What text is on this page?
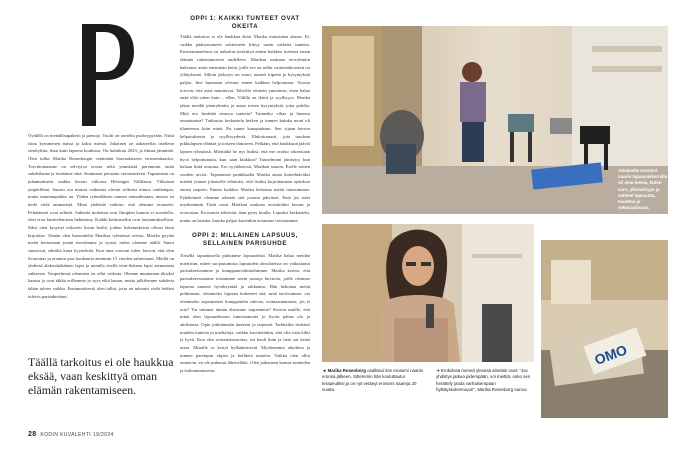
ÖydälIä on menällisupakerti ja pienoja. Tuolit on aseteltu puolirypyrään. Nitsä istuu kymmenen naista ja kaksi miestä. Jokainen on aakarreffat itsellenn sienkyltiin, ihan kuin lapsena koulussa. On huhtikuu 2023, ja iltmaa jännittää. Olen tullut Marika Rosenborgin vetämään Saornalaiseen erossemitaariin. Torvittomaanne on selviytyä erosta sekä ymmärtää paremmin omiä suhdetlanne ja itseäänne siitä. Seminaari perustuu vertaistukeen. Tapaamisia on juhannukseen saakka kerran viikossa Helsingin Vallilassa. Vilkaisen ympärilleni. Suurin osa muista vaikuttaa olevan selkeäsi minua vanhempia, mutta muutempiakin on. Yhden ryhmäläisen tunnen entuudestaan, muista en tiedä vielä ammattejä. Minä yhdistää vaiköse, että olemme eronneet. Pelnäännöi ovat selkeät. Suhteita molemat ovat Ilmiplen kunnia ei suositella, ettei eron käsittelemisen hähtimmy. Kaikki keskustellut ovat luottamuksellisia. Siksi olen kysynyt erikseen luvan heiltä, joiden kokemuksista olivan tässä kirjoittaa. Tämän olen haastattelut Marikaa ryhmässä ovesta. Marika pyytää meitä kertomaan jotain itsestämme ja syistä, miksi olemme täällä. Sanot suurtuvat, silmiltä kuua kyyneleitä. Kun oma vuoroni tulee, kerron, että olen ilvuuotias ja eronnut pari kuukautta aiemmin 15 vuoden suhteestani. Meillä on yhdessä alakouluikäinen lapsi ja minulla itsellä teini-ikäinen lapsi aiemmasta suhteesta. Tunperhessä olemmen on ollut vaikeaa. Ohenne muutaman tiksiksi kanssa ja ovat täkka erillemme jo syys eikä kauan, mutta julkilennne suhdetta tähän talven vaikka. Ensimmäisestä olen tullut, jotta en tuhoaisi vielä heltäni tulevia parisuhteitani.

Täällä tarkoitus ei ole haukkua eksää, vaan keskittyä oman elämän rakentamiseen.
28 KODIN KUVALEHTI 19/2024
OPPI 1: KAIKKI TUNTEET OVAT OKEITA

Täällä tarkoitus ei ole haukkua ekää. Marika muistuttaa alussa. Et, vaikka päättymoneen suhteeseen liittyy usein vaikeita tunteita. Ensisemmaelmsa on tarkoitus keskittyä ennen kaikkea itseensä oman elämän rakentamiseen uudelleen. Marikan mukaan erovyhmiin hakeutua usein enemmän heitä, joille ero on tullut vastentahtoisesti tai yllätyksenä. Silloin järkytys on suuri, tunteet kipeitä ja kysymyksiä paljon. Ime huomaan olevani ennen kaikkea helpottunut. Vuosia toivoin, että asiat muuttuvat. Tahvilla viimein ymmärrin, etten halua enää elää sitten kuin – ellen. Välillä on ikävä ja syyllisyys. Marika jakaa meidät pienryhmiin ja antaa toisen kysymyksiä, joita pohdia. Mitä ero herättää sinussa tunteita? Tunnetko vihaa ja huonoa omaatuntoa? Tarkastaa keskustelu hetken ja tunnen kuinka moni oli tilanteessa kuin minä. En tunne kumpaakaan. Sen sijaan kerron helpotuksesta ja syyllisyydestä. Ehdottomasti, jota tuodaan pikkulapsen elämää ja toiseen ihmiseen. Pelkään, että haukkuun jäävät lapsen ryhmässä. Mietitäkö he nyt lisäksi, että me ovatko oikeastaan hyvä helpottunutta, kun saan kiukkua? Tunnelmani jämistyy, kun haluan lisää avautua. Ero syytöksessä, Marikan sanoin. Erolle toinen vuoden arvioi. Tapaamiset painkkaalla Marika antaa kotitehtäväksi mietää ytimen jokaiselle tehtäväsi, että lisäksi kirjoittamaan ajatuksia ennen tarpeen. Ennen kaikkea Marika kehottaa meitä tutustumaan. Pykäköneet olemme tehneet sitä jossain päivässä. Entä jos tulet myöhemmin Tästä nosti Marikan mukaan erorittoihin kerran ja erotoistua. En muista tehtävää, ääni pysty kuulla. Lopuksi keskustelu, mutta on hauska, kuinka paljon kuitenkin eroamme toisistamme.

OPPI 2: MILLAINEN LAPSUUS, SELLAINEN PARISUHDE

Toisella tapaamisella puhumme lapsuudesta. Marika halua meidän miettivän, miten suojautumista lapsuuden olosuhteista on vaikuttanut parisuhteissamme ja kumppanivalintoihimme. Marika kertoo, että parisuhteessamme toistamme usein samoja kuvioita, joille olemme lapsena saaneet hyväksyntää ja rakkautta. Hän kehottaa meitä pohtimaan, olemmeko lapsena kokeneet sitä, mitä tarvitsimme, vai olemmeko sopeutuneet kumppanilta vahvaa, voimaannuttavia, jos ei oiio? Tai saimme tämän ehtomme tarpeemme? Kerron muille, että minä olen lapsuudessani tunnistamutta jo hyvin pahaa olo ja ahdistusta. Opin pitkitämään tunteeni ja tarpeeni. Tarkkailin herkästi muiden tunteita ja mielialoja, vaikka kuvittelinkin, että olin vain kiltti ja hyvä. Kun olin seitsemänvuotias, isä kuoli kuin ja tieto sai tietää asiaa. Minulle se kertoi hylkäämisestä. Myöhemmin ohjelmia ja tunnen parempin ohjata ja hellitetä tunteita. Vaikka olen ollut onnetoin, en ole puhunut läheisilläni. Olen jatkaneen kanssa tunteiden ja kohtautumisesta.

Jokaisella erosemi naarin tapaamiskerralla oli oma teema, kuten suru, yksinäisyys ja suhteet lapsuutta, muuttoa ja seksuaalisuus.
◄ Marika Rosenborg osallistui itse erosemi naariin eronsa jälkeen. Sittemmin hän kouluttautui terapeutiksi ja on nyt vetänyt erosemi naareja 20 vuotta.
OMO
➔ Eroköissä meneä ylesesä aineläin ovat: "Jos yhdistys jatkua pidempään, voi miettiä, onko sen herättely jatula varhaisempaan hylkäyskokemuuun", Marika Rosenborg sanoo.
